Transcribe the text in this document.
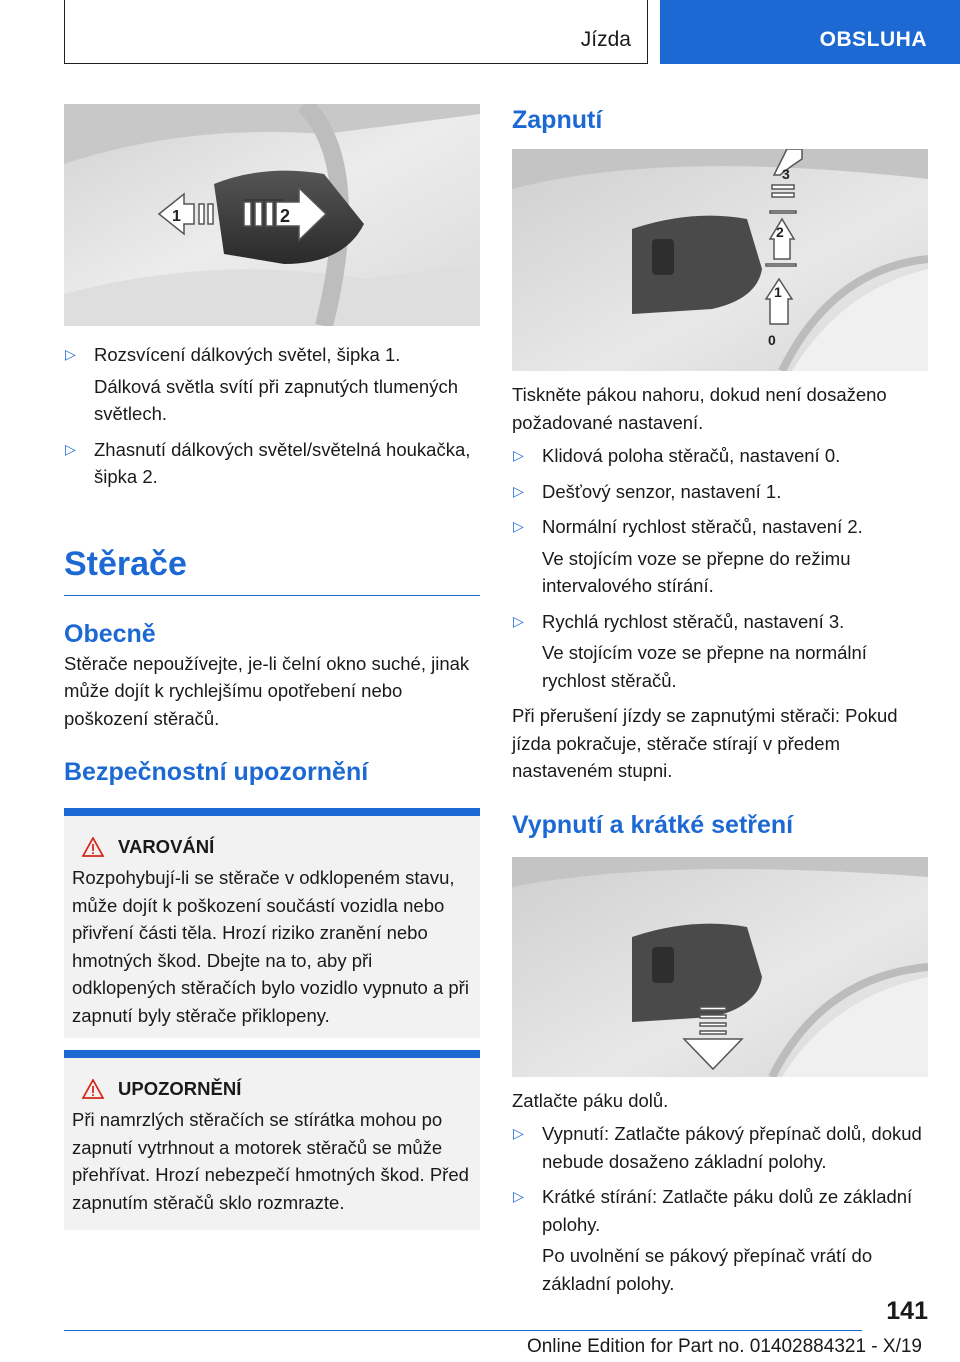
Jízda	OBSLUHA
1	2
▷ Rozsvícení dálkových světel, šipka 1.
Dálková světla svítí při zapnutých tlumených světlech.
▷ Zhasnutí dálkových světel/světelná houkačka, šipka 2.
Stěrače
Obecně

Stěrače nepoužívejte, je-li čelní okno suché, jinak může dojít k rychlejšímu opotřebení nebo poškození stěračů.

Bezpečnostní upozornění
VAROVÁNÍ
Rozpohybují-li se stěrače v odklopeném stavu, může dojít k poškození součástí vozidla nebo přivření části těla. Hrozí riziko zranění nebo hmotných škod. Dbejte na to, aby při odklopených stěračích bylo vozidlo vypnuto a při zapnutí byly stěrače přiklopeny.
UPOZORNĚNÍ
Při namrzlých stěračích se stírátka mohou po zapnutí vytrhnout a motorek stěračů se může přehřívat. Hrozí nebezpečí hmotných škod. Před zapnutím stěračů sklo rozmrazte.
Zapnutí
3
2
1
0

Tiskněte pákou nahoru, dokud není dosaženo požadované nastavení.

▷ Klidová poloha stěračů, nastavení 0.
▷ Dešťový senzor, nastavení 1.
▷ Normální rychlost stěračů, nastavení 2.
Ve stojícím voze se přepne do režimu intervalového stírání.
▷ Rychlá rychlost stěračů, nastavení 3.
Ve stojícím voze se přepne na normální rychlost stěračů.

Při přerušení jízdy se zapnutými stěrači: Pokud jízda pokračuje, stěrače stírají v předem nastaveném stupni.

Vypnutí a krátké setření

Zatlačte páku dolů.

▷ Vypnutí: Zatlačte pákový přepínač dolů, dokud nebude dosaženo základní polohy.
▷ Krátké stírání: Zatlačte páku dolů ze základní polohy.
Po uvolnění se pákový přepínač vrátí do základní polohy.
141
Online Edition for Part no. 01402884321 - X/19
